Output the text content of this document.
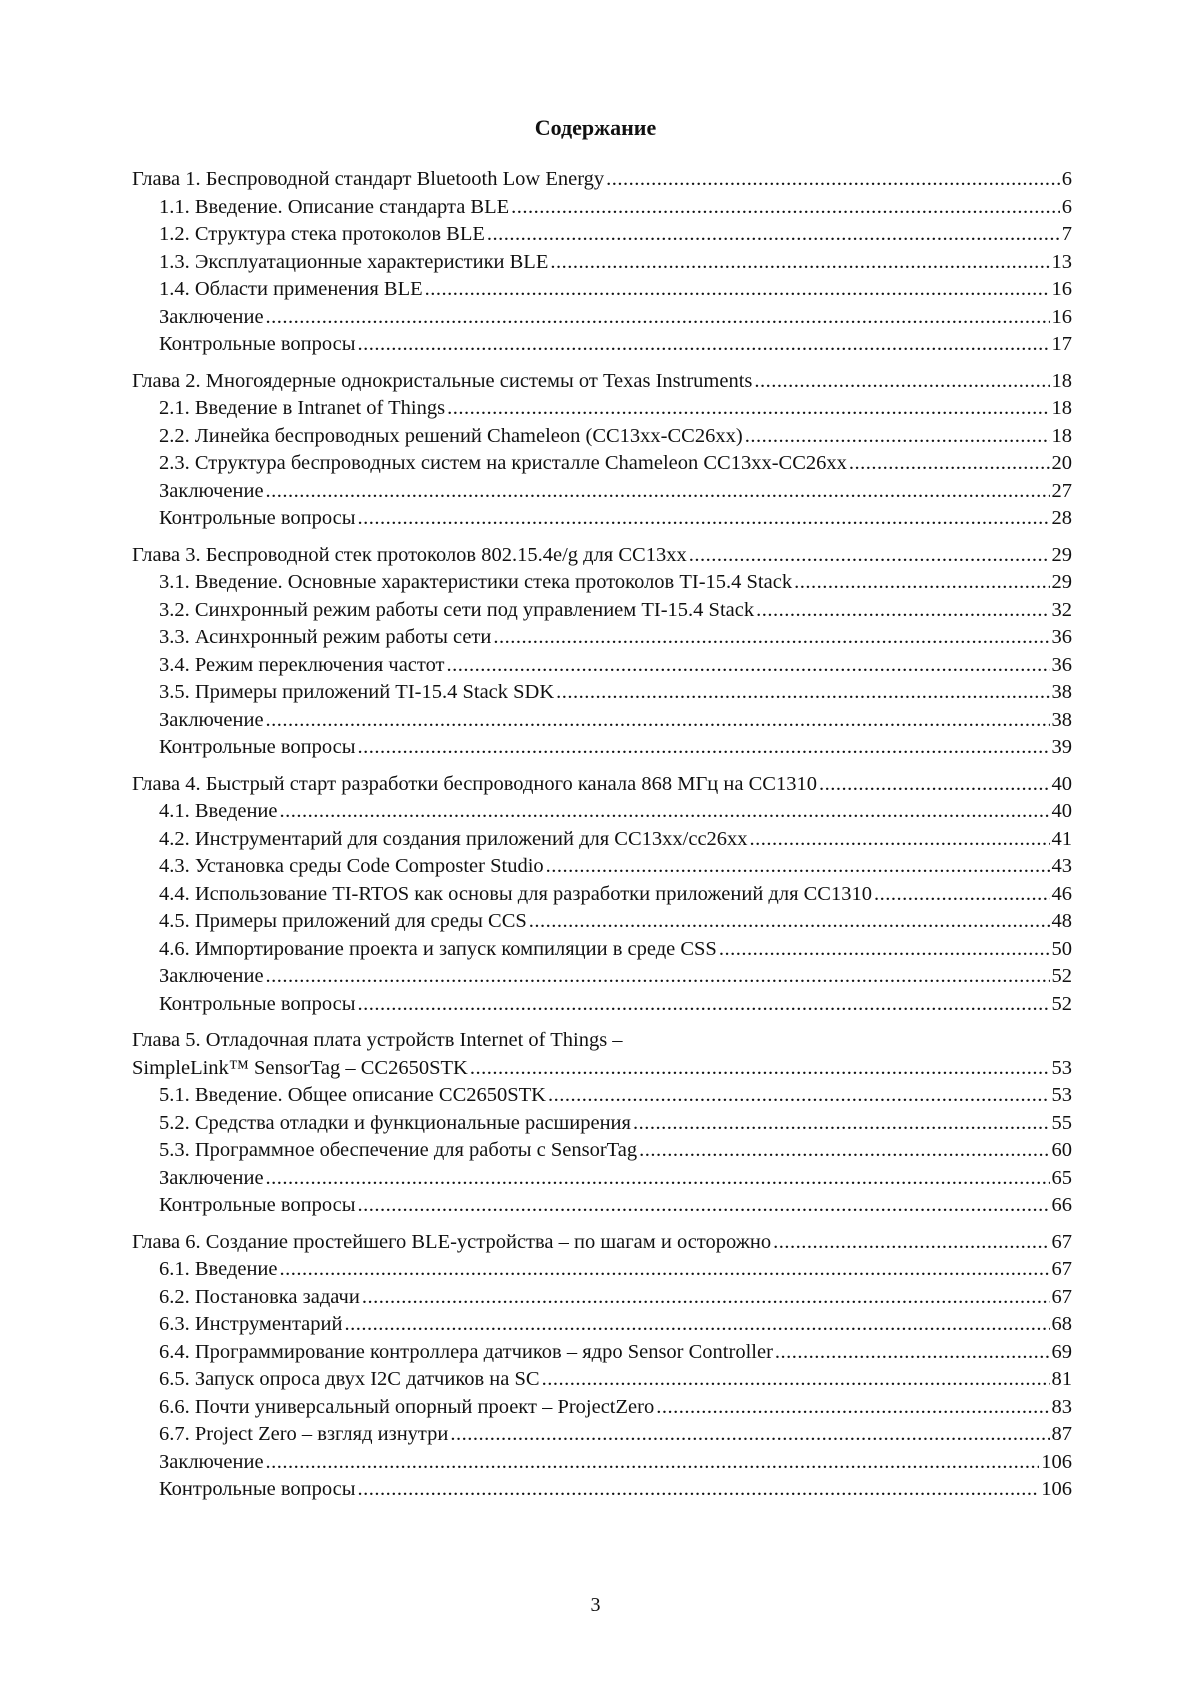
Содержание
Глава 1. Беспроводной стандарт Bluetooth Low Energy .....	6
1.1. Введение. Описание стандарта BLE .....	6
1.2. Структура стека протоколов BLE .....	7
1.3. Эксплуатационные характеристики BLE .....	13
1.4. Области применения BLE .....	16
Заключение .....	16
Контрольные вопросы .....	17
Глава 2. Многоядерные однокристальные системы от Texas Instruments .....	18
2.1. Введение в Intranet of Things .....	18
2.2. Линейка беспроводных решений Chameleon (CC13xx-CC26xx) .....	18
2.3. Структура беспроводных систем на кристалле Chameleon CC13xx-CC26xx .....	20
Заключение .....	27
Контрольные вопросы .....	28
Глава 3. Беспроводной стек протоколов 802.15.4e/g для CC13xx .....	29
3.1. Введение. Основные характеристики стека протоколов TI-15.4 Stack .....	29
3.2. Синхронный режим работы сети под управлением TI-15.4 Stack .....	32
3.3. Асинхронный режим работы сети .....	36
3.4. Режим переключения частот .....	36
3.5. Примеры приложений TI-15.4 Stack SDK .....	38
Заключение .....	38
Контрольные вопросы .....	39
Глава 4. Быстрый старт разработки беспроводного канала 868 МГц на CC1310 .....	40
4.1. Введение .....	40
4.2. Инструментарий для создания приложений для CC13xx/cc26xx .....	41
4.3. Установка среды Code Composter Studio .....	43
4.4. Использование TI-RTOS как основы для разработки приложений для CC1310 .....	46
4.5. Примеры приложений для среды CCS .....	48
4.6. Импортирование проекта и запуск компиляции в среде CSS .....	50
Заключение .....	52
Контрольные вопросы .....	52
Глава 5. Отладочная плата устройств Internet of Things –
SimpleLink™ SensorTag – CC2650STK .....	53
5.1. Введение. Общее описание CC2650STK .....	53
5.2. Средства отладки и функциональные расширения .....	55
5.3. Программное обеспечение для работы с SensorTag .....	60
Заключение .....	65
Контрольные вопросы .....	66
Глава 6. Создание простейшего BLE-устройства – по шагам и осторожно .....	67
6.1. Введение .....	67
6.2. Постановка задачи .....	67
6.3. Инструментарий .....	68
6.4. Программирование контроллера датчиков – ядро Sensor Controller .....	69
6.5. Запуск опроса двух I2C датчиков на SC .....	81
6.6. Почти универсальный опорный проект – ProjectZero .....	83
6.7. Project Zero – взгляд изнутри .....	87
Заключение .....	106
Контрольные вопросы .....	106
3
